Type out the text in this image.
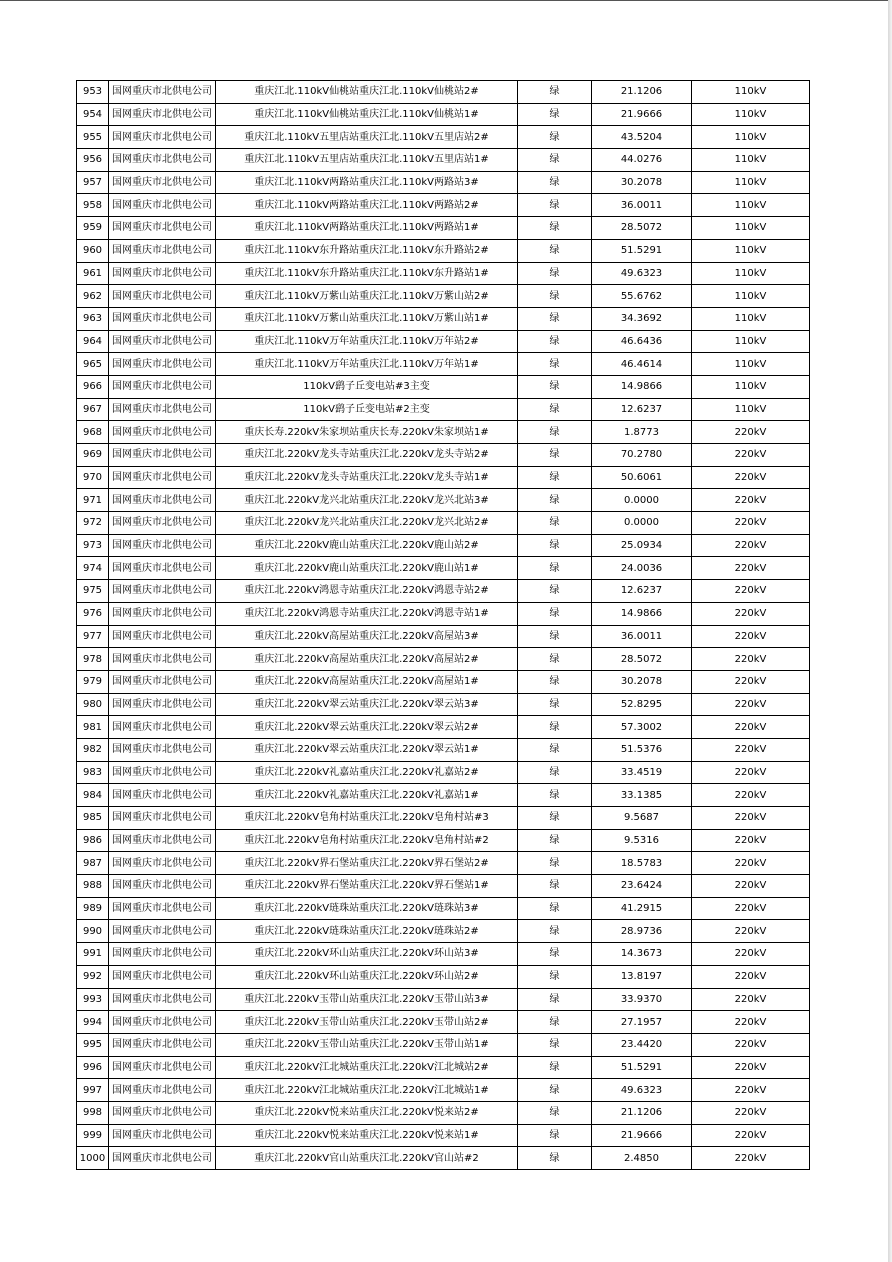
953	国网重庆市北供电公司	重庆江北.110kV仙桃站重庆江北.110kV仙桃站2#	绿	21.1206	110kV
954	国网重庆市北供电公司	重庆江北.110kV仙桃站重庆江北.110kV仙桃站1#	绿	21.9666	110kV
955	国网重庆市北供电公司	重庆江北.110kV五里店站重庆江北.110kV五里店站2#	绿	43.5204	110kV
956	国网重庆市北供电公司	重庆江北.110kV五里店站重庆江北.110kV五里店站1#	绿	44.0276	110kV
957	国网重庆市北供电公司	重庆江北.110kV两路站重庆江北.110kV两路站3#	绿	30.2078	110kV
958	国网重庆市北供电公司	重庆江北.110kV两路站重庆江北.110kV两路站2#	绿	36.0011	110kV
959	国网重庆市北供电公司	重庆江北.110kV两路站重庆江北.110kV两路站1#	绿	28.5072	110kV
960	国网重庆市北供电公司	重庆江北.110kV东升路站重庆江北.110kV东升路站2#	绿	51.5291	110kV
961	国网重庆市北供电公司	重庆江北.110kV东升路站重庆江北.110kV东升路站1#	绿	49.6323	110kV
962	国网重庆市北供电公司	重庆江北.110kV万紫山站重庆江北.110kV万紫山站2#	绿	55.6762	110kV
963	国网重庆市北供电公司	重庆江北.110kV万紫山站重庆江北.110kV万紫山站1#	绿	34.3692	110kV
964	国网重庆市北供电公司	重庆江北.110kV万年站重庆江北.110kV万年站2#	绿	46.6436	110kV
965	国网重庆市北供电公司	重庆江北.110kV万年站重庆江北.110kV万年站1#	绿	46.4614	110kV
966	国网重庆市北供电公司	110kV鹞子丘变电站#3主变	绿	14.9866	110kV
967	国网重庆市北供电公司	110kV鹞子丘变电站#2主变	绿	12.6237	110kV
968	国网重庆市北供电公司	重庆长寿.220kV朱家坝站重庆长寿.220kV朱家坝站1#	绿	1.8773	220kV
969	国网重庆市北供电公司	重庆江北.220kV龙头寺站重庆江北.220kV龙头寺站2#	绿	70.2780	220kV
970	国网重庆市北供电公司	重庆江北.220kV龙头寺站重庆江北.220kV龙头寺站1#	绿	50.6061	220kV
971	国网重庆市北供电公司	重庆江北.220kV龙兴北站重庆江北.220kV龙兴北站3#	绿	0.0000	220kV
972	国网重庆市北供电公司	重庆江北.220kV龙兴北站重庆江北.220kV龙兴北站2#	绿	0.0000	220kV
973	国网重庆市北供电公司	重庆江北.220kV鹿山站重庆江北.220kV鹿山站2#	绿	25.0934	220kV
974	国网重庆市北供电公司	重庆江北.220kV鹿山站重庆江北.220kV鹿山站1#	绿	24.0036	220kV
975	国网重庆市北供电公司	重庆江北.220kV鸿恩寺站重庆江北.220kV鸿恩寺站2#	绿	12.6237	220kV
976	国网重庆市北供电公司	重庆江北.220kV鸿恩寺站重庆江北.220kV鸿恩寺站1#	绿	14.9866	220kV
977	国网重庆市北供电公司	重庆江北.220kV高屋站重庆江北.220kV高屋站3#	绿	36.0011	220kV
978	国网重庆市北供电公司	重庆江北.220kV高屋站重庆江北.220kV高屋站2#	绿	28.5072	220kV
979	国网重庆市北供电公司	重庆江北.220kV高屋站重庆江北.220kV高屋站1#	绿	30.2078	220kV
980	国网重庆市北供电公司	重庆江北.220kV翠云站重庆江北.220kV翠云站3#	绿	52.8295	220kV
981	国网重庆市北供电公司	重庆江北.220kV翠云站重庆江北.220kV翠云站2#	绿	57.3002	220kV
982	国网重庆市北供电公司	重庆江北.220kV翠云站重庆江北.220kV翠云站1#	绿	51.5376	220kV
983	国网重庆市北供电公司	重庆江北.220kV礼嘉站重庆江北.220kV礼嘉站2#	绿	33.4519	220kV
984	国网重庆市北供电公司	重庆江北.220kV礼嘉站重庆江北.220kV礼嘉站1#	绿	33.1385	220kV
985	国网重庆市北供电公司	重庆江北.220kV皂角村站重庆江北.220kV皂角村站#3	绿	9.5687	220kV
986	国网重庆市北供电公司	重庆江北.220kV皂角村站重庆江北.220kV皂角村站#2	绿	9.5316	220kV
987	国网重庆市北供电公司	重庆江北.220kV界石堡站重庆江北.220kV界石堡站2#	绿	18.5783	220kV
988	国网重庆市北供电公司	重庆江北.220kV界石堡站重庆江北.220kV界石堡站1#	绿	23.6424	220kV
989	国网重庆市北供电公司	重庆江北.220kV琏珠站重庆江北.220kV琏珠站3#	绿	41.2915	220kV
990	国网重庆市北供电公司	重庆江北.220kV琏珠站重庆江北.220kV琏珠站2#	绿	28.9736	220kV
991	国网重庆市北供电公司	重庆江北.220kV环山站重庆江北.220kV环山站3#	绿	14.3673	220kV
992	国网重庆市北供电公司	重庆江北.220kV环山站重庆江北.220kV环山站2#	绿	13.8197	220kV
993	国网重庆市北供电公司	重庆江北.220kV玉带山站重庆江北.220kV玉带山站3#	绿	33.9370	220kV
994	国网重庆市北供电公司	重庆江北.220kV玉带山站重庆江北.220kV玉带山站2#	绿	27.1957	220kV
995	国网重庆市北供电公司	重庆江北.220kV玉带山站重庆江北.220kV玉带山站1#	绿	23.4420	220kV
996	国网重庆市北供电公司	重庆江北.220kV江北城站重庆江北.220kV江北城站2#	绿	51.5291	220kV
997	国网重庆市北供电公司	重庆江北.220kV江北城站重庆江北.220kV江北城站1#	绿	49.6323	220kV
998	国网重庆市北供电公司	重庆江北.220kV悦来站重庆江北.220kV悦来站2#	绿	21.1206	220kV
999	国网重庆市北供电公司	重庆江北.220kV悦来站重庆江北.220kV悦来站1#	绿	21.9666	220kV
1000	国网重庆市北供电公司	重庆江北.220kV官山站重庆江北.220kV官山站#2	绿	2.4850	220kV
